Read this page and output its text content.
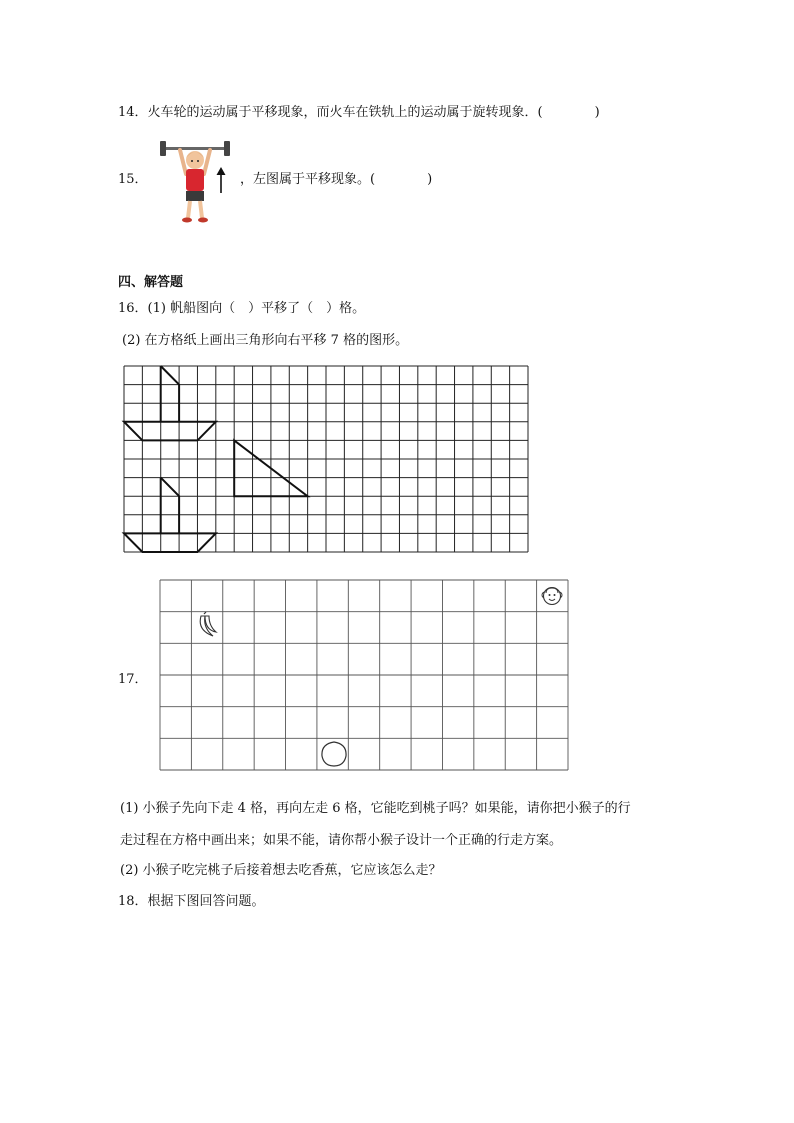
14．火车轮的运动属于平移现象，而火车在铁轨上的运动属于旋转现象．(　　　　)
15．	，左图属于平移现象。(　　　　)
四、解答题
16．(1) 帆船图向（　）平移了（　）格。
(2) 在方格纸上画出三角形向右平移 7 格的图形。
17．
(1) 小猴子先向下走 4 格，再向左走 6 格，它能吃到桃子吗？如果能，请你把小猴子的行
走过程在方格中画出来；如果不能，请你帮小猴子设计一个正确的行走方案。
(2) 小猴子吃完桃子后接着想去吃香蕉，它应该怎么走？
18．根据下图回答问题。
